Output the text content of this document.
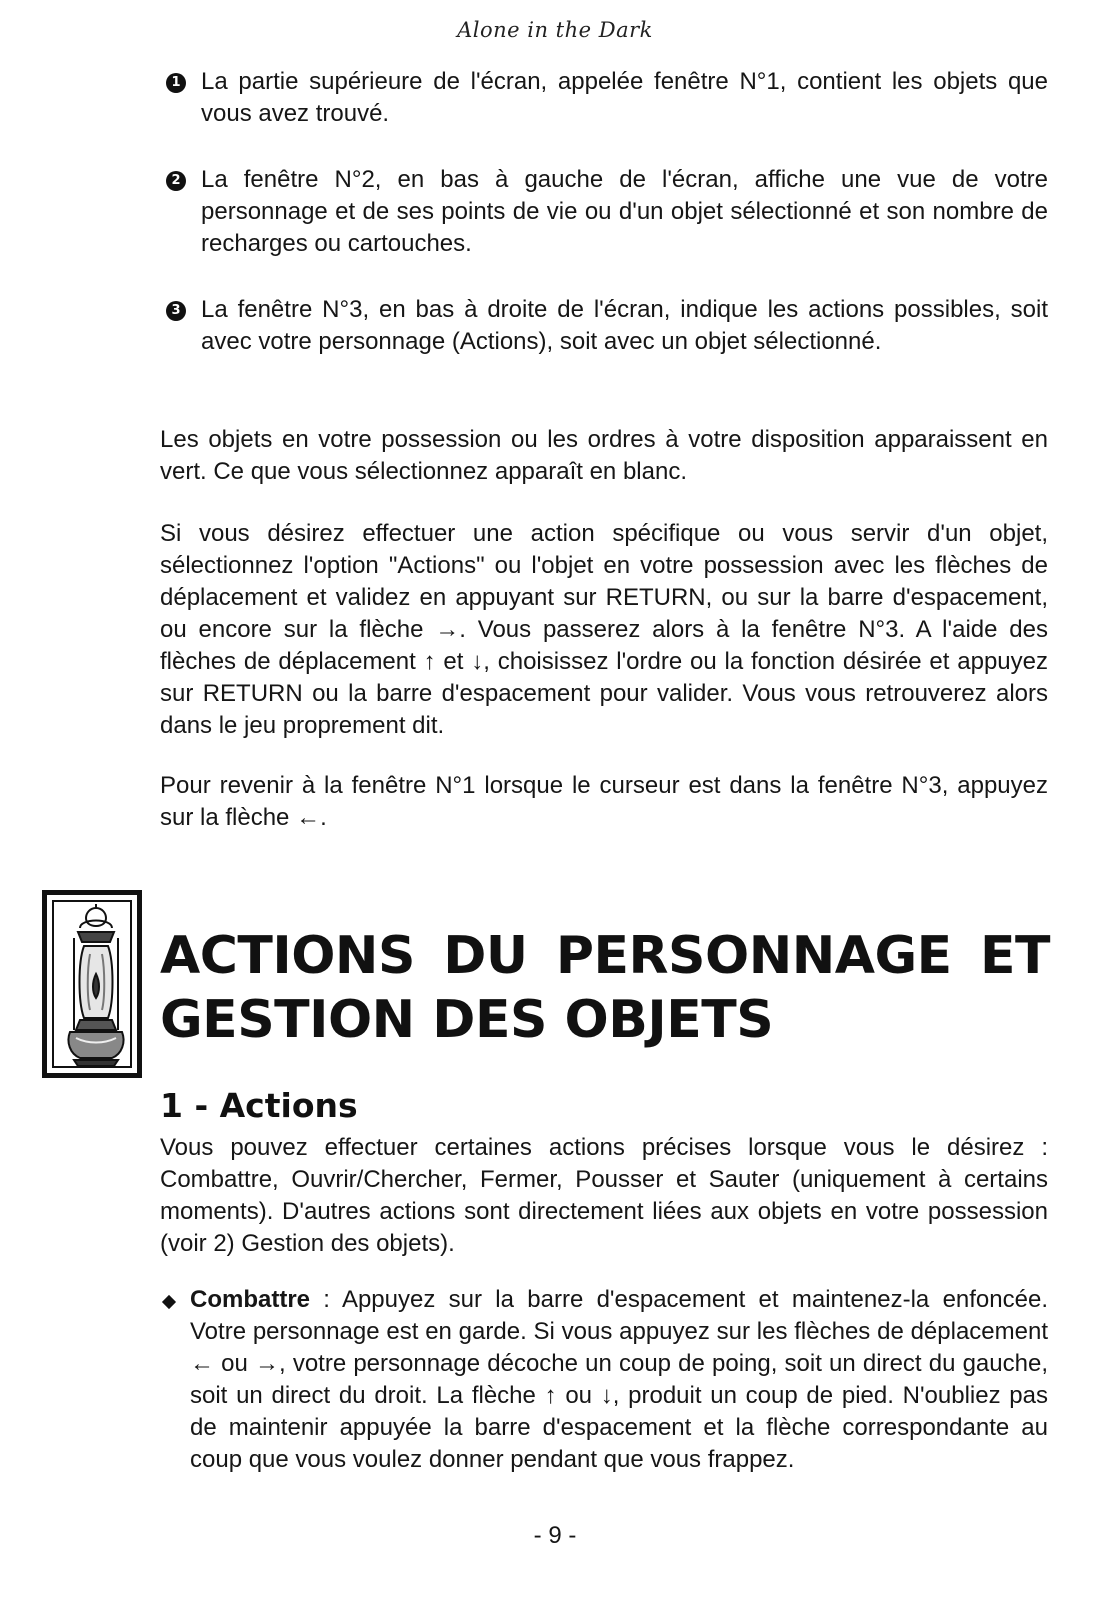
Alone in the Dark
1 La partie supérieure de l'écran, appelée fenêtre N°1, contient les objets que vous avez trouvé.

2 La fenêtre N°2, en bas à gauche de l'écran, affiche une vue de votre personnage et de ses points de vie ou d'un objet sélectionné et son nombre de recharges ou cartouches.

3 La fenêtre N°3, en bas à droite de l'écran, indique les actions possibles, soit avec votre personnage (Actions), soit avec un objet sélectionné.

Les objets en votre possession ou les ordres à votre disposition apparaissent en vert. Ce que vous sélectionnez apparaît en blanc.

Si vous désirez effectuer une action spécifique ou vous servir d'un objet, sélectionnez l'option "Actions" ou l'objet en votre possession avec les flèches de déplacement et validez en appuyant sur RETURN, ou sur la barre d'espacement, ou encore sur la flèche →. Vous passerez alors à la fenêtre N°3. A l'aide des flèches de déplacement ↑ et ↓, choisissez l'ordre ou la fonction désirée et appuyez sur RETURN ou la barre d'espacement pour valider. Vous vous retrouverez alors dans le jeu proprement dit.

Pour revenir à la fenêtre N°1 lorsque le curseur est dans la fenêtre N°3, appuyez sur la flèche ←.

ACTIONS DU PERSONNAGE ET
GESTION DES OBJETS
1 - Actions

Vous pouvez effectuer certaines actions précises lorsque vous le désirez : Combattre, Ouvrir/Chercher, Fermer, Pousser et Sauter (uniquement à certains moments). D'autres actions sont directement liées aux objets en votre possession (voir 2) Gestion des objets).

Combattre : Appuyez sur la barre d'espacement et maintenez-la enfoncée. Votre personnage est en garde. Si vous appuyez sur les flèches de déplacement ← ou →, votre personnage décoche un coup de poing, soit un direct du gauche, soit un direct du droit. La flèche ↑ ou ↓, produit un coup de pied. N'oubliez pas de maintenir appuyée la barre d'espacement et la flèche correspondante au coup que vous voulez donner pendant que vous frappez.

- 9 -
